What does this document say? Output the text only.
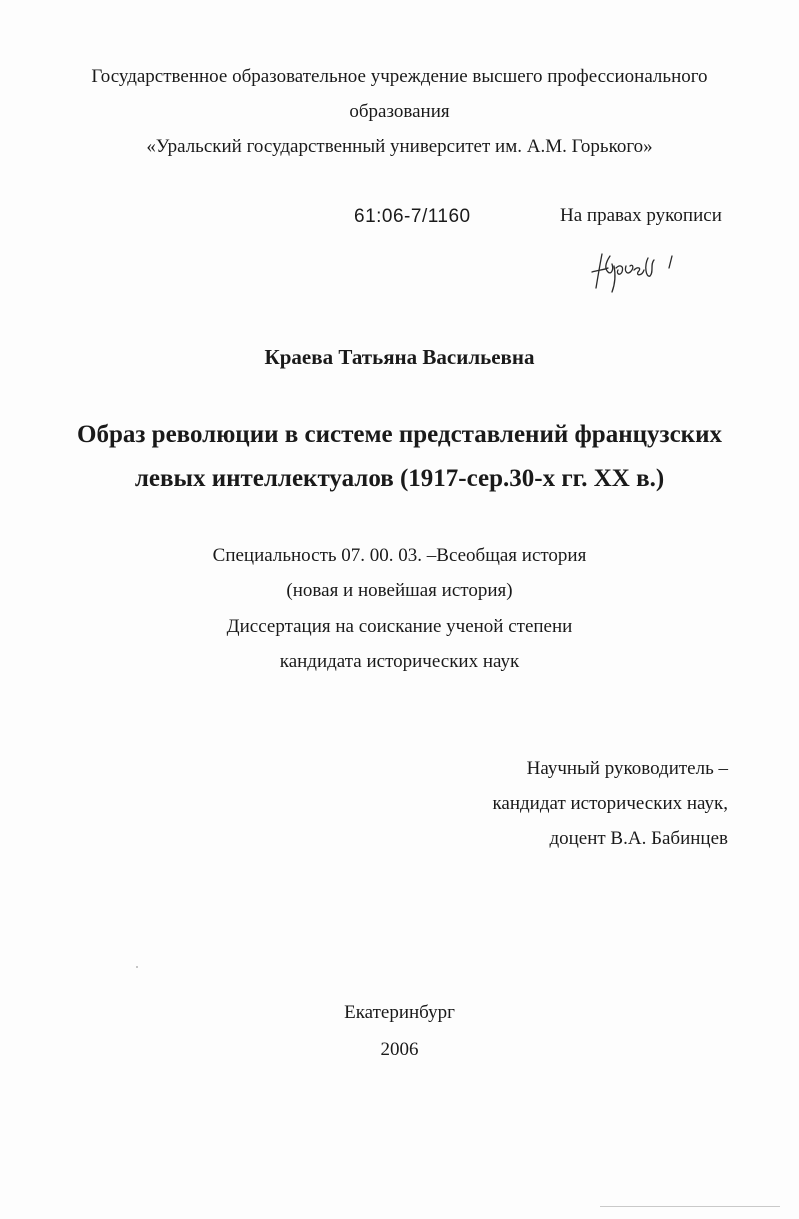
Государственное образовательное учреждение высшего профессионального
образования
«Уральский государственный университет им. А.М. Горького»
61:06-7/1160	На правах рукописи
Краева Татьяна Васильевна
Образ революции в системе представлений французских
левых интеллектуалов (1917-сер.30-х гг. XX в.)
Специальность 07. 00. 03. –Всеобщая история
(новая и новейшая история)
Диссертация на соискание ученой степени
кандидата исторических наук
Научный руководитель –
кандидат исторических наук,
доцент В.А. Бабинцев
Екатеринбург
2006
